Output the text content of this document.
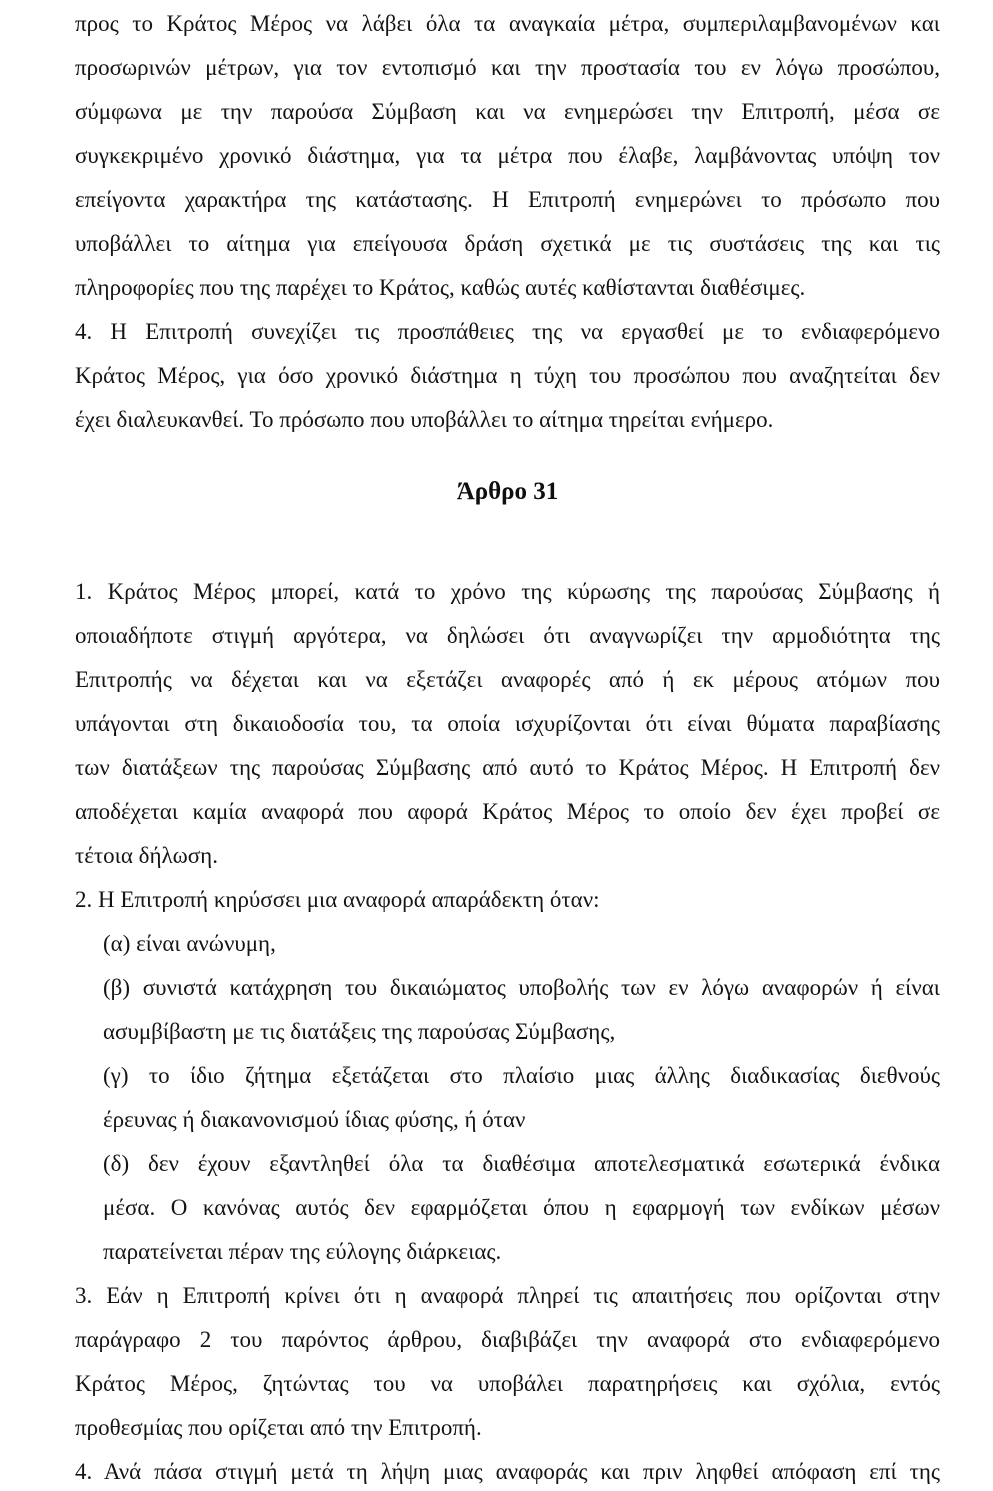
προς το Κράτος Μέρος να λάβει όλα τα αναγκαία μέτρα, συμπεριλαμβανομένων και
προσωρινών μέτρων, για τον εντοπισμό και την προστασία του εν λόγω προσώπου,
σύμφωνα με την παρούσα Σύμβαση και να ενημερώσει την Επιτροπή, μέσα σε
συγκεκριμένο χρονικό διάστημα, για τα μέτρα που έλαβε, λαμβάνοντας υπόψη τον
επείγοντα χαρακτήρα της κατάστασης. Η Επιτροπή ενημερώνει το πρόσωπο που
υποβάλλει το αίτημα για επείγουσα δράση σχετικά με τις συστάσεις της και τις
πληροφορίες που της παρέχει το Κράτος, καθώς αυτές καθίστανται διαθέσιμες.
4. Η Επιτροπή συνεχίζει τις προσπάθειες της να εργασθεί με το ενδιαφερόμενο
Κράτος Μέρος, για όσο χρονικό διάστημα η τύχη του προσώπου που αναζητείται δεν
έχει διαλευκανθεί. Το πρόσωπο που υποβάλλει το αίτημα τηρείται ενήμερο.
Άρθρο 31
1. Κράτος Μέρος μπορεί, κατά το χρόνο της κύρωσης της παρούσας Σύμβασης ή
οποιαδήποτε στιγμή αργότερα, να δηλώσει ότι αναγνωρίζει την αρμοδιότητα της
Επιτροπής να δέχεται και να εξετάζει αναφορές από ή εκ μέρους ατόμων που
υπάγονται στη δικαιοδοσία του, τα οποία ισχυρίζονται ότι είναι θύματα παραβίασης
των διατάξεων της παρούσας Σύμβασης από αυτό το Κράτος Μέρος. Η Επιτροπή δεν
αποδέχεται καμία αναφορά που αφορά Κράτος Μέρος το οποίο δεν έχει προβεί σε
τέτοια δήλωση.
2. Η Επιτροπή κηρύσσει μια αναφορά απαράδεκτη όταν:
(α) είναι ανώνυμη,
(β) συνιστά κατάχρηση του δικαιώματος υποβολής των εν λόγω αναφορών ή είναι
ασυμβίβαστη με τις διατάξεις της παρούσας Σύμβασης,
(γ) το ίδιο ζήτημα εξετάζεται στο πλαίσιο μιας άλλης διαδικασίας διεθνούς
έρευνας ή διακανονισμού ίδιας φύσης, ή όταν
(δ) δεν έχουν εξαντληθεί όλα τα διαθέσιμα αποτελεσματικά εσωτερικά ένδικα
μέσα. Ο κανόνας αυτός δεν εφαρμόζεται όπου η εφαρμογή των ενδίκων μέσων
παρατείνεται πέραν της εύλογης διάρκειας.
3. Εάν η Επιτροπή κρίνει ότι η αναφορά πληρεί τις απαιτήσεις που ορίζονται στην
παράγραφο 2 του παρόντος άρθρου, διαβιβάζει την αναφορά στο ενδιαφερόμενο
Κράτος Μέρος, ζητώντας του να υποβάλει παρατηρήσεις και σχόλια, εντός
προθεσμίας που ορίζεται από την Επιτροπή.
4. Ανά πάσα στιγμή μετά τη λήψη μιας αναφοράς και πριν ληφθεί απόφαση επί της
